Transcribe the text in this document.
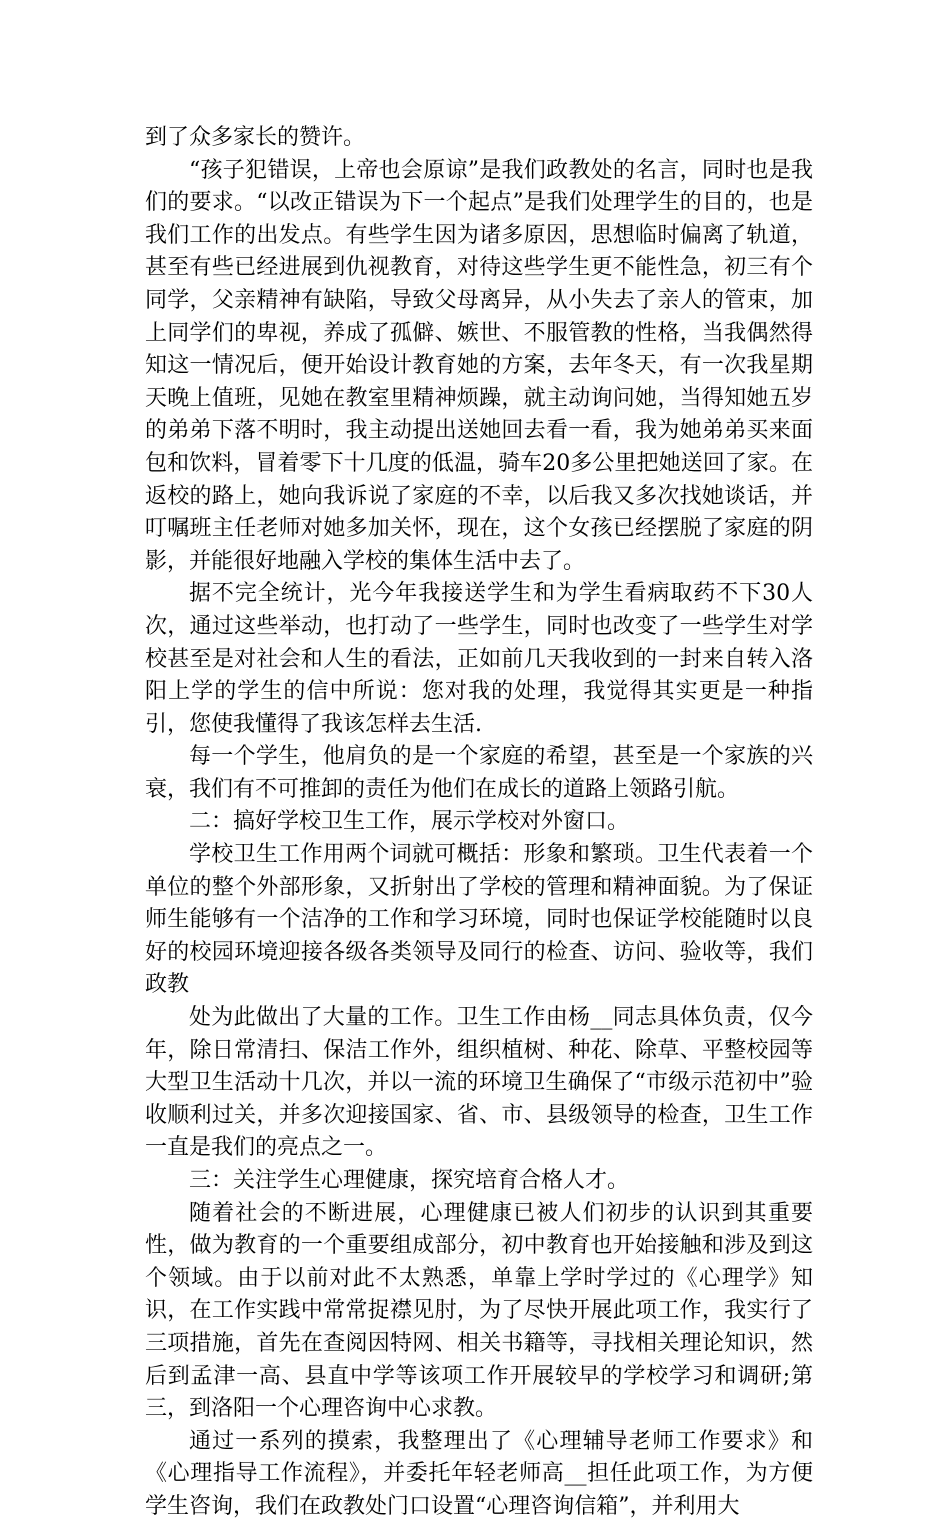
到了众多家长的赞许。

“孩子犯错误，上帝也会原谅”是我们政教处的名言，同时也是我们的要求。“以改正错误为下一个起点”是我们处理学生的目的，也是我们工作的出发点。有些学生因为诸多原因，思想临时偏离了轨道，甚至有些已经进展到仇视教育，对待这些学生更不能性急，初三有个同学，父亲精神有缺陷，导致父母离异，从小失去了亲人的管束，加上同学们的卑视，养成了孤僻、嫉世、不服管教的性格，当我偶然得知这一情况后，便开始设计教育她的方案，去年冬天，有一次我星期天晚上值班，见她在教室里精神烦躁，就主动询问她，当得知她五岁的弟弟下落不明时，我主动提出送她回去看一看，我为她弟弟买来面包和饮料，冒着零下十几度的低温，骑车20多公里把她送回了家。在返校的路上，她向我诉说了家庭的不幸，以后我又多次找她谈话，并叮嘱班主任老师对她多加关怀，现在，这个女孩已经摆脱了家庭的阴影，并能很好地融入学校的集体生活中去了。

据不完全统计，光今年我接送学生和为学生看病取药不下30人次，通过这些举动，也打动了一些学生，同时也改变了一些学生对学校甚至是对社会和人生的看法，正如前几天我收到的一封来自转入洛阳上学的学生的信中所说：您对我的处理，我觉得其实更是一种指引，您使我懂得了我该怎样去生活.

每一个学生，他肩负的是一个家庭的希望，甚至是一个家族的兴衰，我们有不可推卸的责任为他们在成长的道路上领路引航。

二：搞好学校卫生工作，展示学校对外窗口。

学校卫生工作用两个词就可概括：形象和繁琐。卫生代表着一个单位的整个外部形象，又折射出了学校的管理和精神面貌。为了保证师生能够有一个洁净的工作和学习环境，同时也保证学校能随时以良好的校园环境迎接各级各类领导及同行的检查、访问、验收等，我们政教

处为此做出了大量的工作。卫生工作由杨__同志具体负责，仅今年，除日常清扫、保洁工作外，组织植树、种花、除草、平整校园等大型卫生活动十几次，并以一流的环境卫生确保了“市级示范初中”验收顺利过关，并多次迎接国家、省、市、县级领导的检查，卫生工作一直是我们的亮点之一。

三：关注学生心理健康，探究培育合格人才。

随着社会的不断进展，心理健康已被人们初步的认识到其重要性，做为教育的一个重要组成部分，初中教育也开始接触和涉及到这个领域。由于以前对此不太熟悉，单靠上学时学过的《心理学》知识，在工作实践中常常捉襟见肘，为了尽快开展此项工作，我实行了三项措施，首先在查阅因特网、相关书籍等，寻找相关理论知识，然后到孟津一高、县直中学等该项工作开展较早的学校学习和调研;第三，到洛阳一个心理咨询中心求教。

通过一系列的摸索，我整理出了《心理辅导老师工作要求》和《心理指导工作流程》，并委托年轻老师高__担任此项工作，为方便学生咨询，我们在政教处门口设置“心理咨询信箱”，并利用大
